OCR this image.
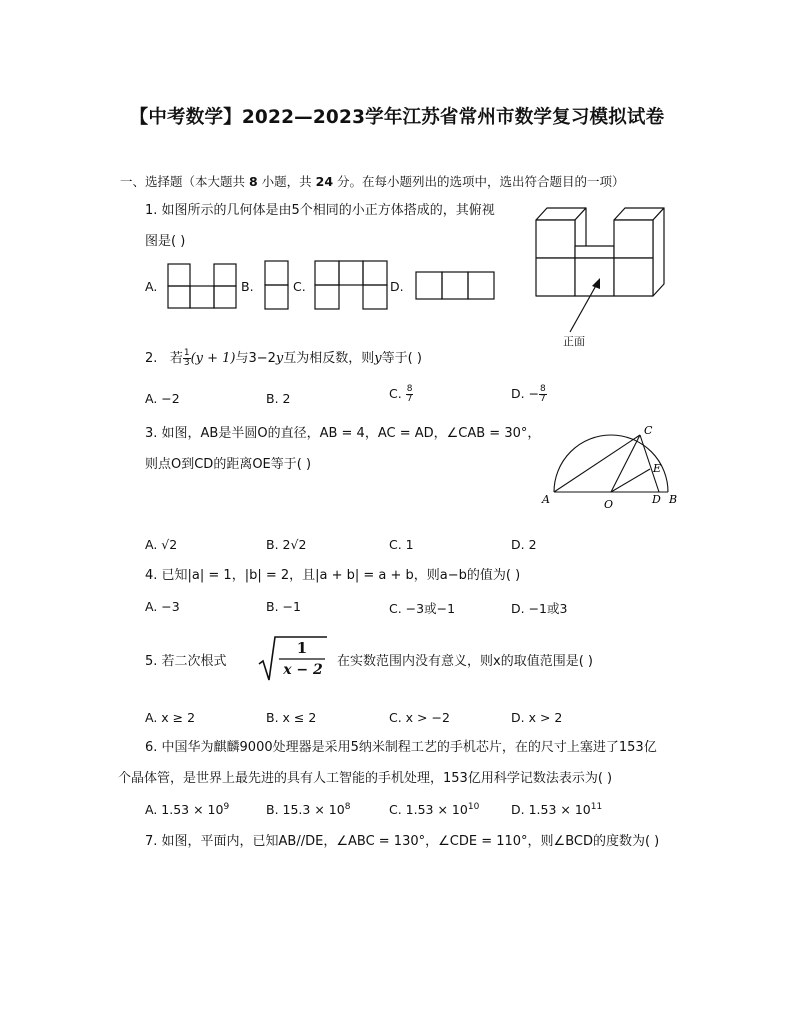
【中考数学】2022—2023学年江苏省常州市数学复习模拟试卷
一、选择题（本大题共 8 小题，共 24 分。在每小题列出的选项中，选出符合题目的一项）
1. 如图所示的几何体是由5个相同的小正方体搭成的，其俯视
图是( )
A.	B.	C.	D.
正面
2. 若 $\frac{1}{3} (y + 1)$与3−2y互为相反数，则y等于( )
A. −2	B. 2	C. $\frac{8}{7}$	D. − $\frac{8}{7}$
3. 如图，AB是半圆O的直径，AB = 4，AC = AD，∠CAB = 30°，
则点O到CD的距离OE等于( )
A	B
C
D
E
O
A. √2	B. 2√2	C. 1	D. 2
4. 已知|a| = 1，|b| = 2，且|a + b| = a + b，则a−b的值为( )
A. −3	B. −1	C. −3或−1	D. −1或3
5. 若二次根式
1
x − 2
在实数范围内没有意义，则x的取值范围是( )
A. x ≥ 2	B. x ≤ 2	C. x > −2	D. x > 2
6. 中国华为麒麟9000处理器是采用5纳米制程工艺的手机芯片，在的尺寸上塞进了153亿
个晶体管，是世界上最先进的具有人工智能的手机处理，153亿用科学记数法表示为( )
A. $1.53 \times 10^9$	B. $15.3 \times 10^8$	C. $1.53 \times 10^{10}$	D. $1.53 \times 10^{11}$
7. 如图，平面内，已知AB//DE，∠ABC = 130°，∠CDE = 110°，则∠BCD的度数为( )
